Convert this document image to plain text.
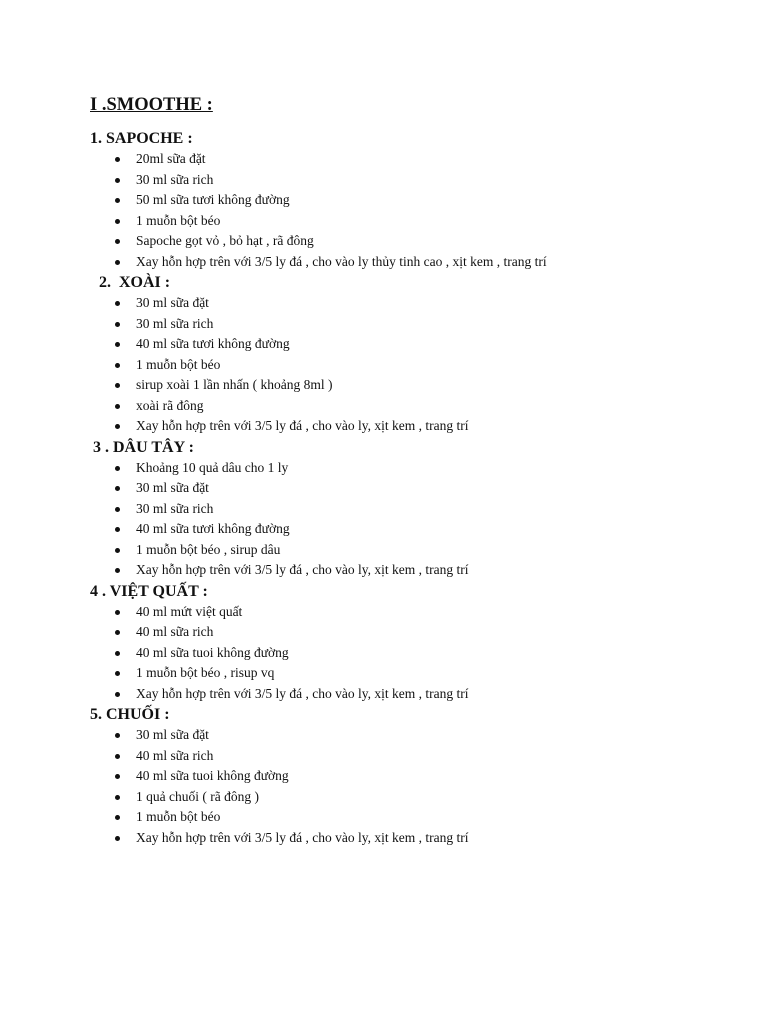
I .SMOOTHE :
1. SAPOCHE :
20ml sữa đặt
30 ml sữa rich
50 ml sữa tươi không đường
1 muỗn bột béo
Sapoche gọt vỏ , bỏ hạt , rã đông
Xay hỗn hợp trên với 3/5 ly đá , cho vào ly thủy tinh cao , xịt kem , trang trí
2.  XOÀI :
30 ml sữa đặt
30 ml sữa rich
40 ml sữa tươi không đường
1 muỗn bột béo
sirup xoài 1 lần nhấn ( khoảng 8ml )
xoài rã đông
Xay hỗn hợp trên với 3/5 ly đá , cho vào ly, xịt kem , trang trí
3 . DÂU TÂY :
Khoảng 10 quả dâu cho 1 ly
30 ml sữa đặt
30 ml sữa rich
40 ml sữa tươi không đường
1 muỗn bột béo , sirup dâu
Xay hỗn hợp trên với 3/5 ly đá , cho vào ly, xịt kem , trang trí
4 . VIỆT QUẤT :
40 ml mứt việt quất
40 ml sữa rich
40 ml sữa tuoi không đường
1 muỗn bột béo , risup vq
Xay hỗn hợp trên với 3/5 ly đá , cho vào ly, xịt kem , trang trí
5. CHUỐI :
30 ml sữa đặt
40 ml sữa rich
40 ml sữa tuoi không đường
1 quả chuối ( rã đông )
1 muỗn bột béo
Xay hỗn hợp trên với 3/5 ly đá , cho vào ly, xịt kem , trang trí
